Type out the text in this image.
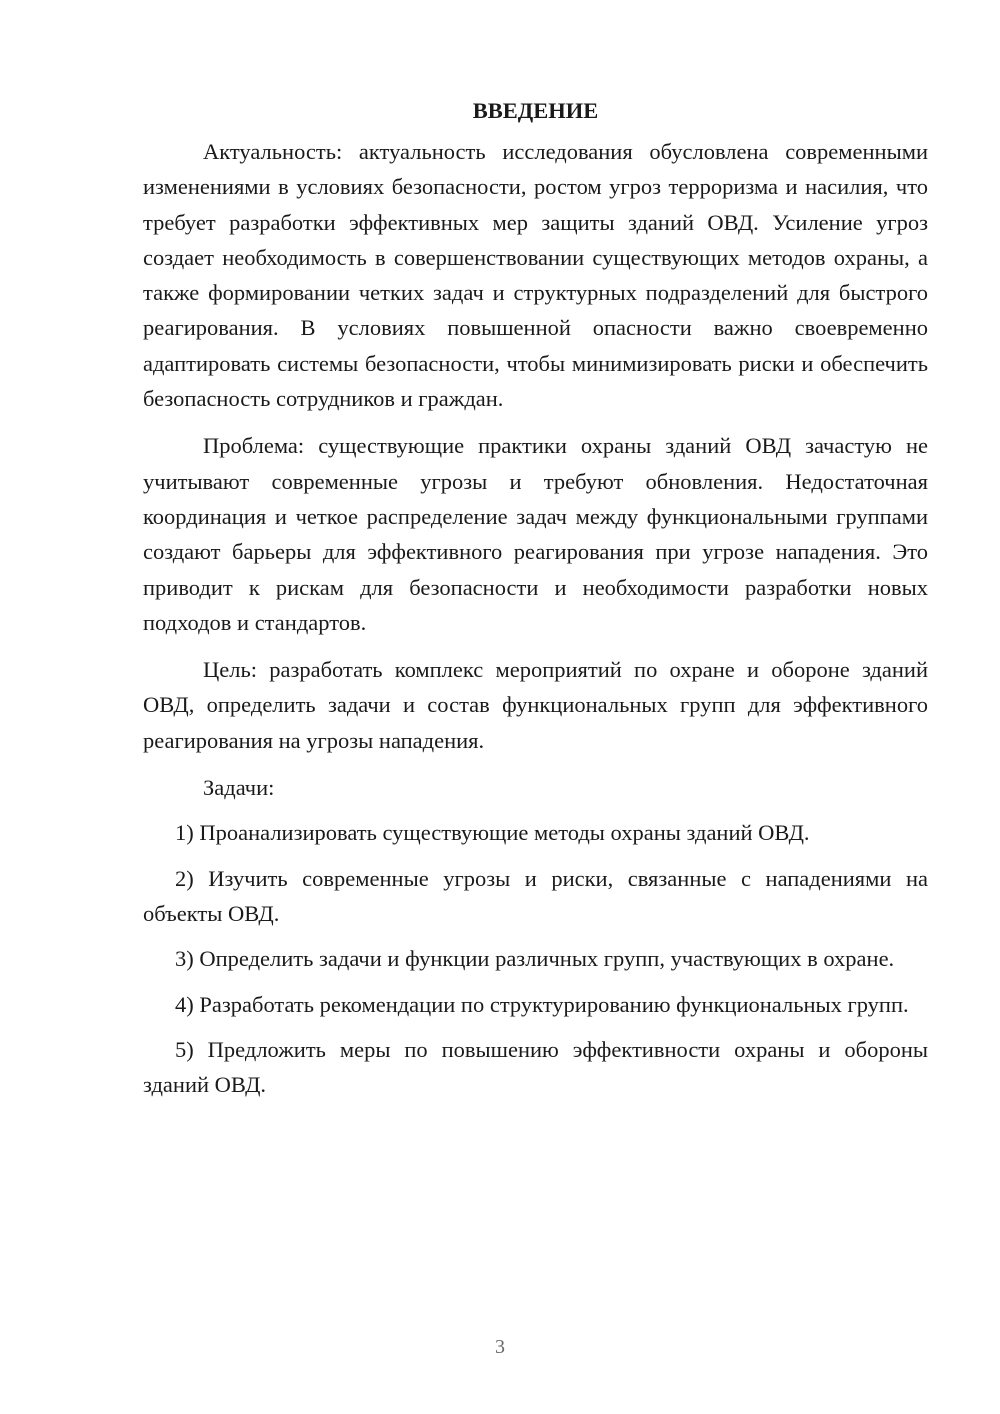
ВВЕДЕНИЕ

Актуальность: актуальность исследования обусловлена современными изменениями в условиях безопасности, ростом угроз терроризма и насилия, что требует разработки эффективных мер защиты зданий ОВД. Усиление угроз создает необходимость в совершенствовании существующих методов охраны, а также формировании четких задач и структурных подразделений для быстрого реагирования. В условиях повышенной опасности важно своевременно адаптировать системы безопасности, чтобы минимизировать риски и обеспечить безопасность сотрудников и граждан.

Проблема: существующие практики охраны зданий ОВД зачастую не учитывают современные угрозы и требуют обновления. Недостаточная координация и четкое распределение задач между функциональными группами создают барьеры для эффективного реагирования при угрозе нападения. Это приводит к рискам для безопасности и необходимости разработки новых подходов и стандартов.

Цель: разработать комплекс мероприятий по охране и обороне зданий ОВД, определить задачи и состав функциональных групп для эффективного реагирования на угрозы нападения.

Задачи:

1) Проанализировать существующие методы охраны зданий ОВД.

2) Изучить современные угрозы и риски, связанные с нападениями на объекты ОВД.

3) Определить задачи и функции различных групп, участвующих в охране.

4) Разработать рекомендации по структурированию функциональных групп.

5) Предложить меры по повышению эффективности охраны и обороны зданий ОВД.

3
